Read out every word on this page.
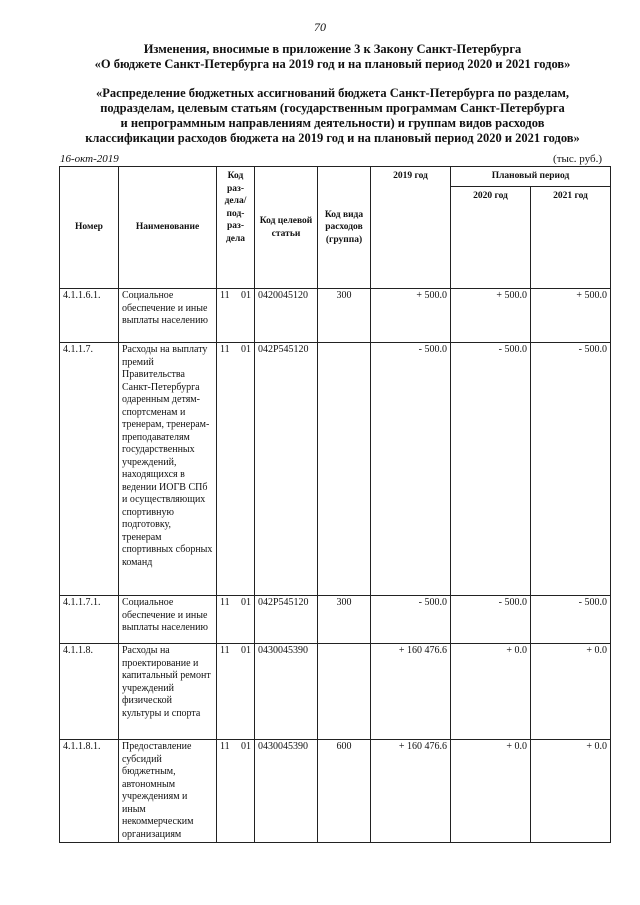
70
Изменения, вносимые в приложение 3 к Закону Санкт-Петербурга
«О бюджете Санкт-Петербурга на 2019 год и на плановый период 2020 и 2021 годов»
«Распределение бюджетных ассигнований бюджета Санкт-Петербурга по разделам,
подразделам, целевым статьям (государственным программам Санкт-Петербурга
и непрограммным направлениям деятельности) и группам видов расходов
классификации расходов бюджета на 2019 год и на плановый период 2020 и 2021 годов»
16-окт-2019	(тыс. руб.)
Номер	Наименование	Код раз-дела/ под-раз-дела	Код целевой статьи	Код вида расходов (группа)	2019 год	Плановый период	
						2020 год	2021 год
4.1.1.6.1.	Социальное обеспечение и иные выплаты населению	11 01	0420045120	300	+ 500.0	+ 500.0	+ 500.0
4.1.1.7.	Расходы на выплату премий Правительства Санкт-Петербурга одаренным детям-спортсменам и тренерам, тренерам-преподавателям государственных учреждений, находящихся в ведении ИОГВ СПб и осуществляющих спортивную подготовку, тренерам спортивных сборных команд	11 01	042P545120		- 500.0	- 500.0	- 500.0
4.1.1.7.1.	Социальное обеспечение и иные выплаты населению	11 01	042P545120	300	- 500.0	- 500.0	- 500.0
4.1.1.8.	Расходы на проектирование и капитальный ремонт учреждений физической культуры и спорта	11 01	0430045390		+ 160 476.6	+ 0.0	+ 0.0
4.1.1.8.1.	Предоставление субсидий бюджетным, автономным учреждениям и иным некоммерческим организациям	11 01	0430045390	600	+ 160 476.6	+ 0.0	+ 0.0
